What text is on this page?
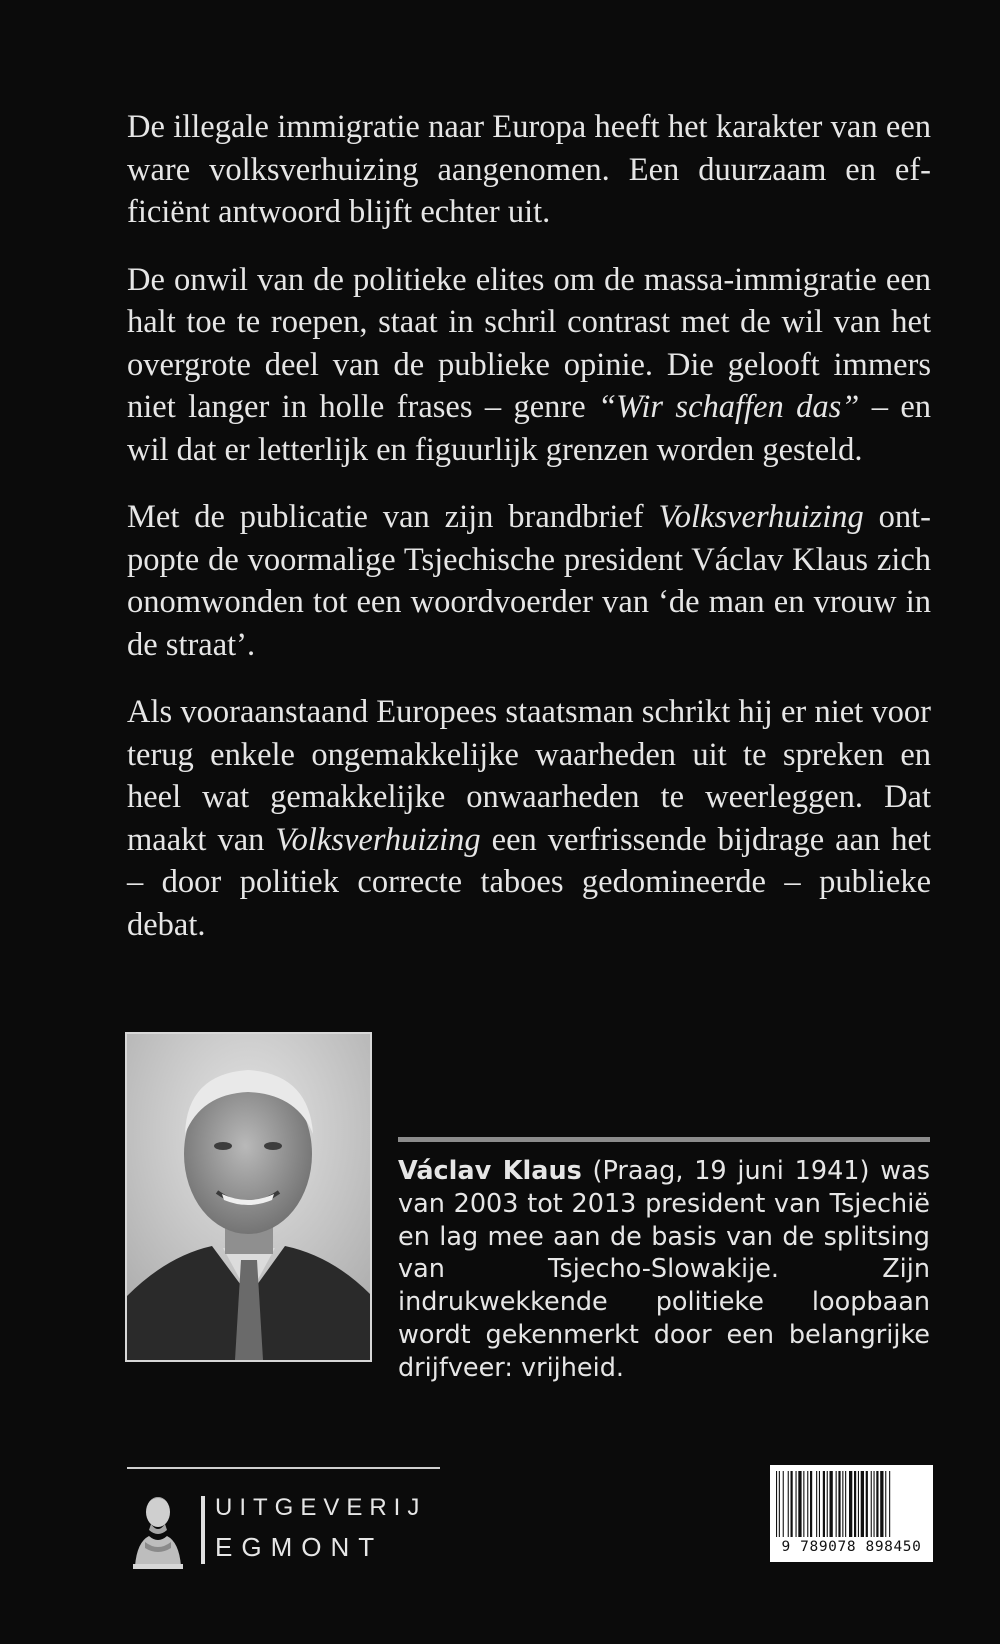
De illegale immigratie naar Europa heeft het karakter van een ware volksverhuizing aangenomen. Een duurzaam en efficiënt antwoord blijft echter uit.

De onwil van de politieke elites om de massa-immigratie een halt toe te roepen, staat in schril contrast met de wil van het overgrote deel van de publieke opinie. Die gelooft immers niet langer in holle frases – genre “Wir schaffen das” – en wil dat er letterlijk en figuurlijk grenzen worden gesteld.

Met de publicatie van zijn brandbrief Volksverhuizing ontpopte de voormalige Tsjechische president Václav Klaus zich onomwonden tot een woordvoerder van ‘de man en vrouw in de straat’.

Als vooraanstaand Europees staatsman schrikt hij er niet voor terug enkele ongemakkelijke waarheden uit te spreken en heel wat gemakkelijke onwaarheden te weerleggen. Dat maakt van Volksverhuizing een verfrissende bijdrage aan het – door politiek correcte taboes gedomineerde – publieke debat.

Václav Klaus (Praag, 19 juni 1941) was van 2003 tot 2013 president van Tsjechië en lag mee aan de basis van de splitsing van Tsjecho-Slowakije. Zijn indrukwekkende politieke loopbaan wordt gekenmerkt door een belangrijke drijfveer: vrijheid.
UITGEVERIJ
EGMONT	9 789078 898450
